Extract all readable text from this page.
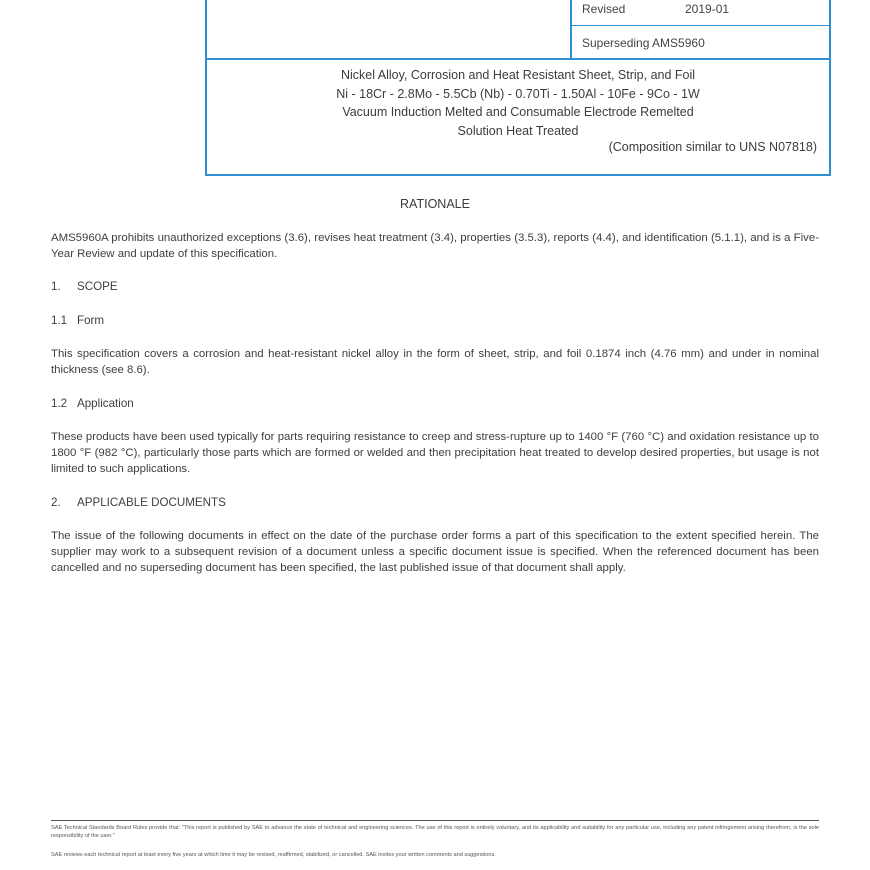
Revised	2019-01
Superseding AMS5960
Nickel Alloy, Corrosion and Heat Resistant Sheet, Strip, and Foil
Ni - 18Cr - 2.8Mo - 5.5Cb (Nb) - 0.70Ti - 1.50Al - 10Fe - 9Co - 1W
Vacuum Induction Melted and Consumable Electrode Remelted
Solution Heat Treated
(Composition similar to UNS N07818)
RATIONALE
AMS5960A prohibits unauthorized exceptions (3.6), revises heat treatment (3.4), properties (3.5.3), reports (4.4), and identification (5.1.1), and is a Five-Year Review and update of this specification.
1. SCOPE
1.1 Form
This specification covers a corrosion and heat-resistant nickel alloy in the form of sheet, strip, and foil 0.1874 inch (4.76 mm) and under in nominal thickness (see 8.6).
1.2 Application
These products have been used typically for parts requiring resistance to creep and stress-rupture up to 1400 °F (760 °C) and oxidation resistance up to 1800 °F (982 °C), particularly those parts which are formed or welded and then precipitation heat treated to develop desired properties, but usage is not limited to such applications.
2. APPLICABLE DOCUMENTS
The issue of the following documents in effect on the date of the purchase order forms a part of this specification to the extent specified herein. The supplier may work to a subsequent revision of a document unless a specific document issue is specified. When the referenced document has been cancelled and no superseding document has been specified, the last published issue of that document shall apply.
SAE Technical Standards Board Rules provide that: "This report is published by SAE to advance the state of technical and engineering sciences. The use of this report is entirely voluntary, and its applicability and suitability for any particular use, including any patent infringement arising therefrom, is the sole responsibility of the user."
SAE reviews each technical report at least every five years at which time it may be revised, reaffirmed, stabilized, or cancelled. SAE invites your written comments and suggestions.
